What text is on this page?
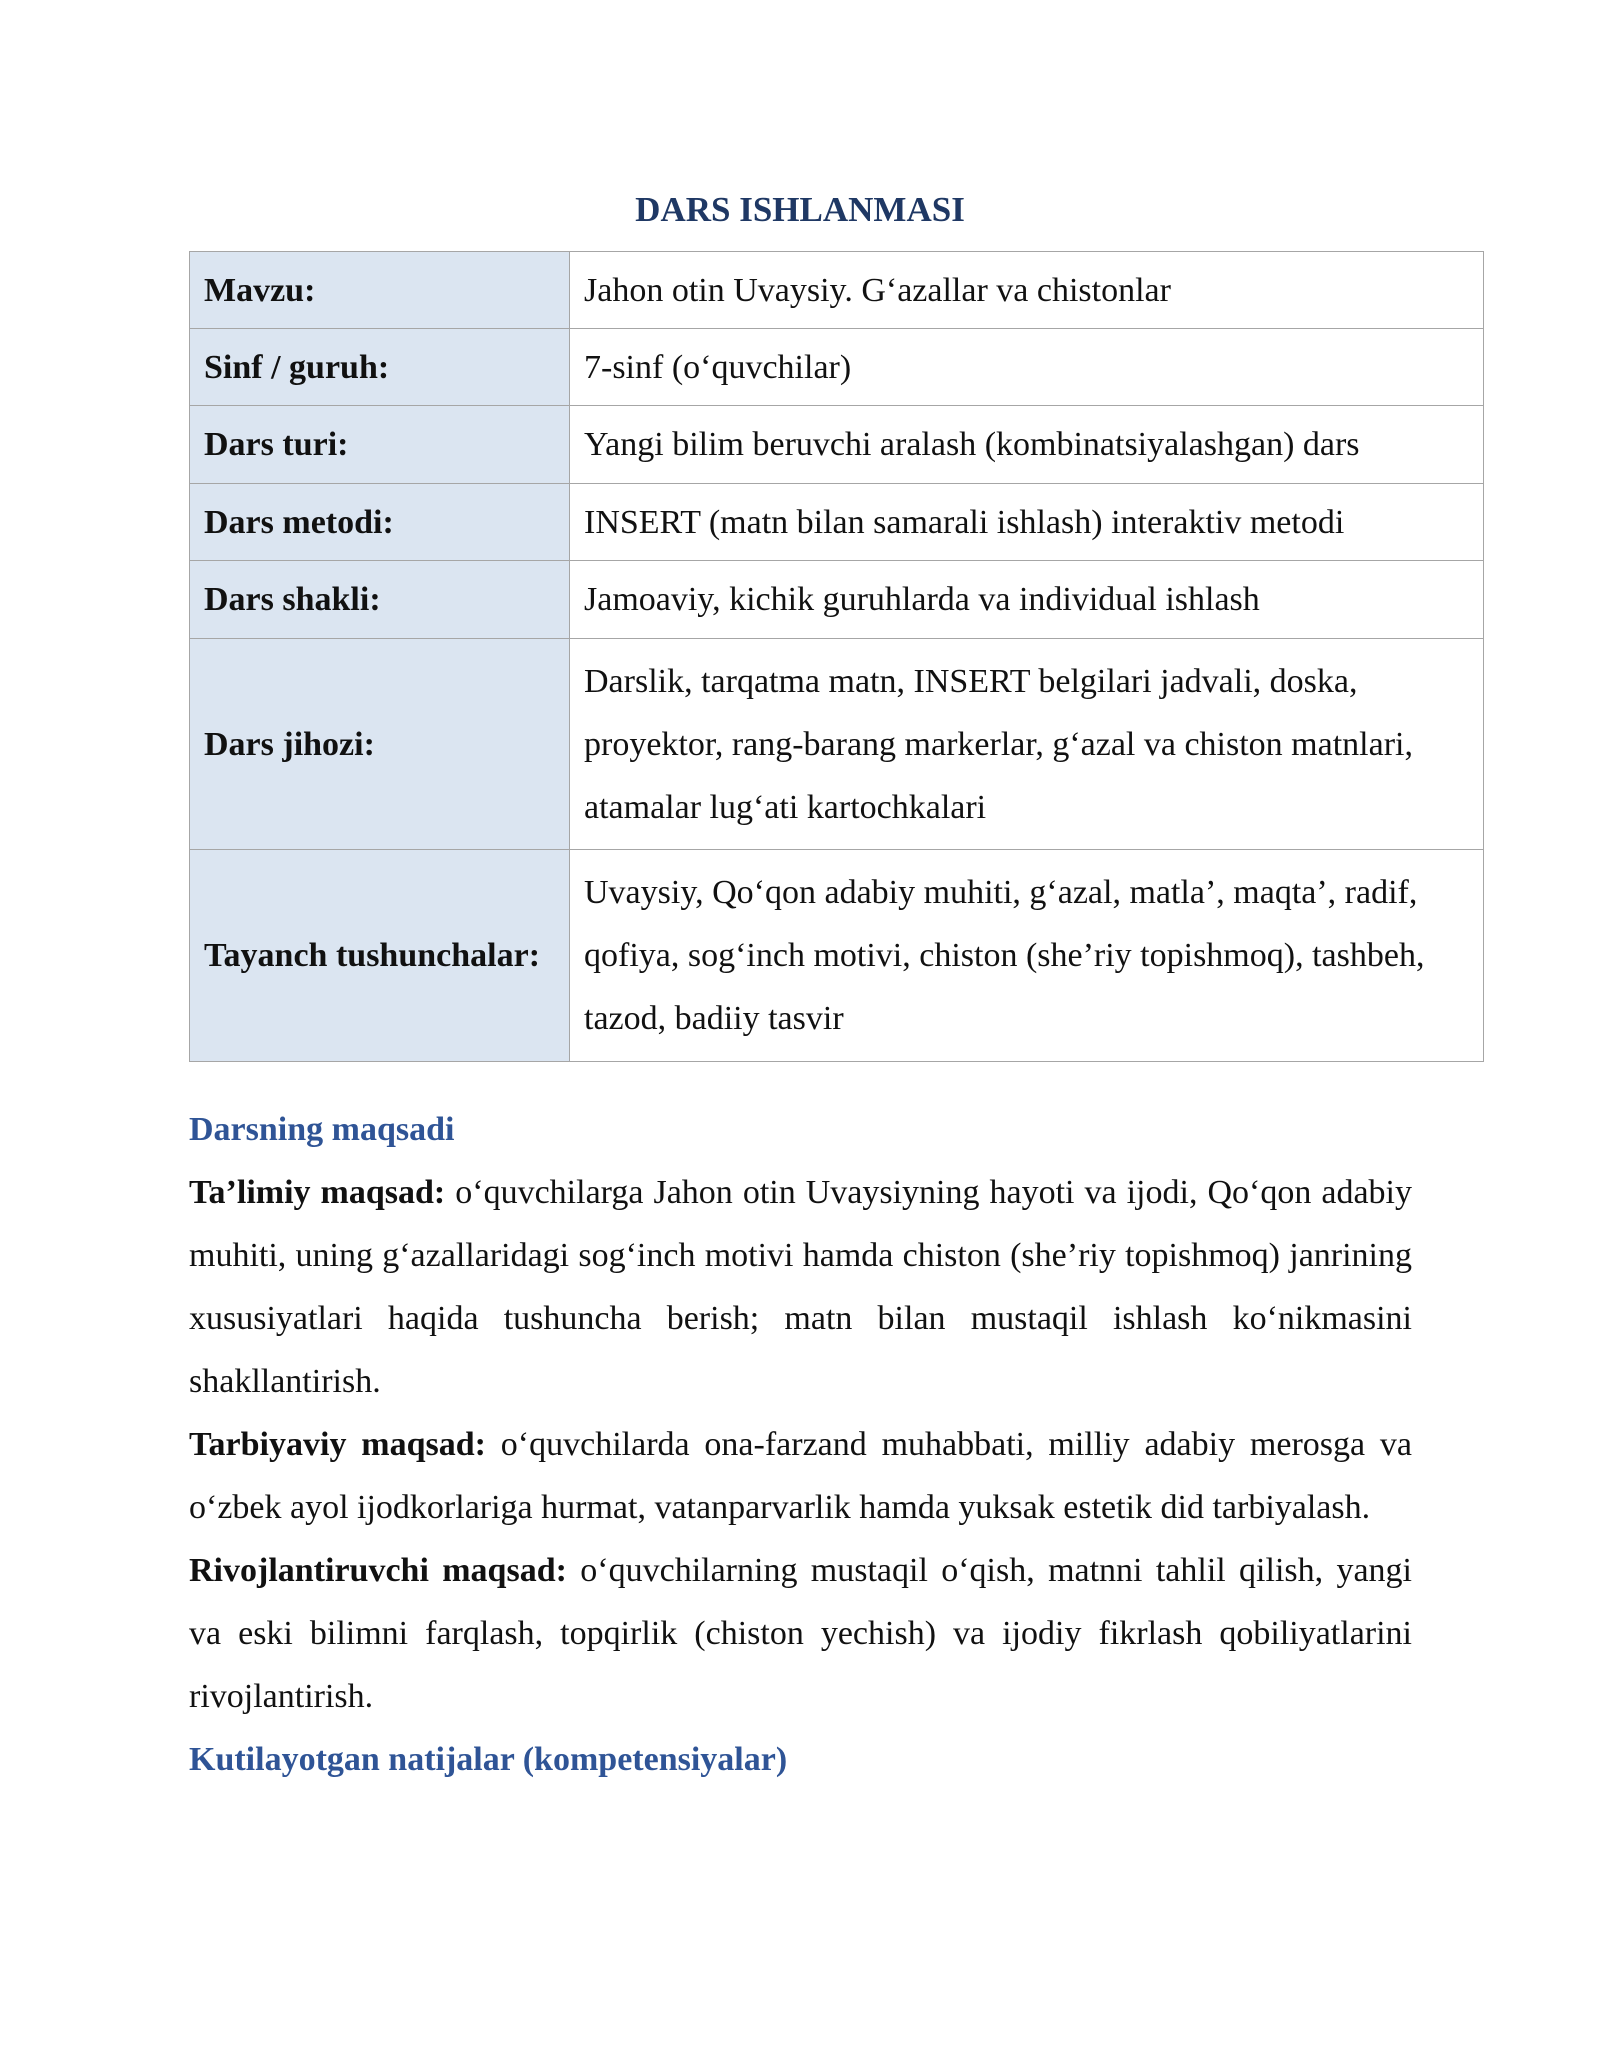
DARS ISHLANMASI
Mavzu:	Jahon otin Uvaysiy. G‘azallar va chistonlar
Sinf / guruh:	7-sinf (o‘quvchilar)
Dars turi:	Yangi bilim beruvchi aralash (kombinatsiyalashgan) dars
Dars metodi:	INSERT (matn bilan samarali ishlash) interaktiv metodi
Dars shakli:	Jamoaviy, kichik guruhlarda va individual ishlash
Dars jihozi:	Darslik, tarqatma matn, INSERT belgilari jadvali, doska, proyektor, rang-barang markerlar, g‘azal va chiston matnlari, atamalar lug‘ati kartochkalari
Tayanch tushunchalar:	Uvaysiy, Qo‘qon adabiy muhiti, g‘azal, matla’, maqta’, radif, qofiya, sog‘inch motivi, chiston (she’riy topishmoq), tashbeh, tazod, badiiy tasvir

Darsning maqsadi

Ta’limiy maqsad: o‘quvchilarga Jahon otin Uvaysiyning hayoti va ijodi, Qo‘qon adabiy muhiti, uning g‘azallaridagi sog‘inch motivi hamda chiston (she’riy topishmoq) janrining xususiyatlari haqida tushuncha berish; matn bilan mustaqil ishlash ko‘nikmasini shakllantirish.

Tarbiyaviy maqsad: o‘quvchilarda ona-farzand muhabbati, milliy adabiy merosga va o‘zbek ayol ijodkorlariga hurmat, vatanparvarlik hamda yuksak estetik did tarbiyalash.

Rivojlantiruvchi maqsad: o‘quvchilarning mustaqil o‘qish, matnni tahlil qilish, yangi va eski bilimni farqlash, topqirlik (chiston yechish) va ijodiy fikrlash qobiliyatlarini rivojlantirish.

Kutilayotgan natijalar (kompetensiyalar)
